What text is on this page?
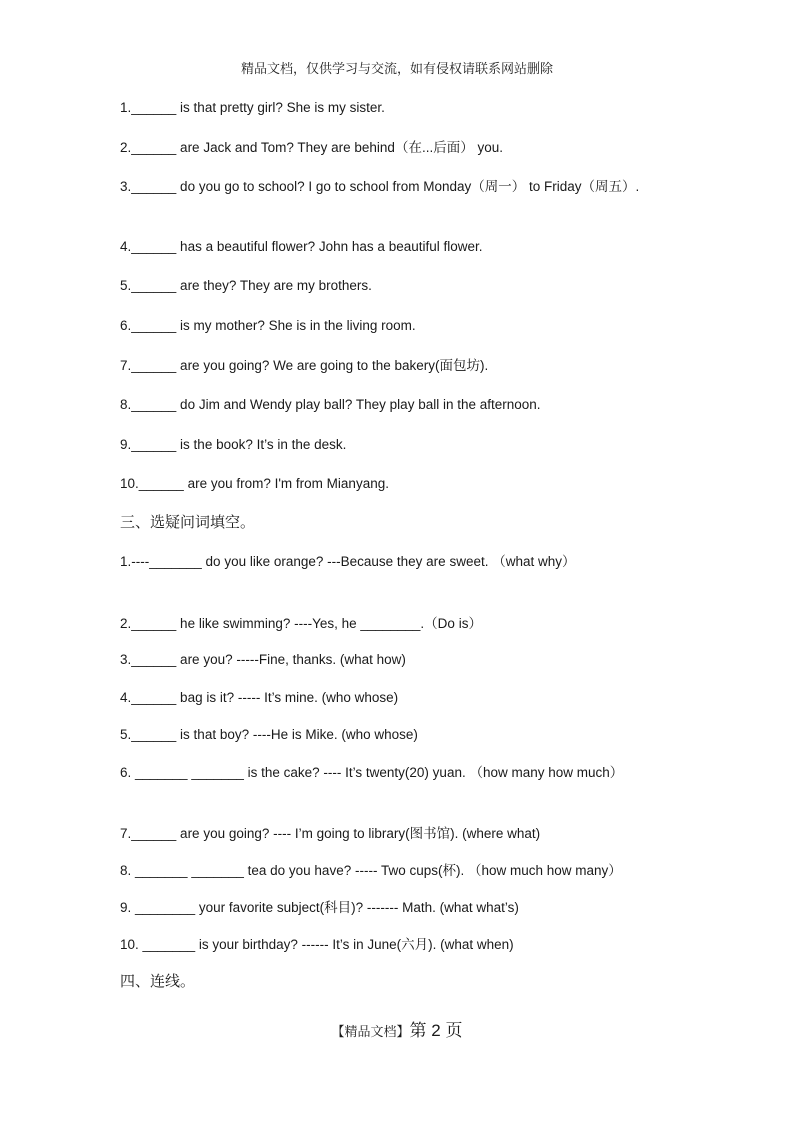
精品文档，仅供学习与交流，如有侵权请联系网站删除
1.______ is that pretty girl? She is my sister.
2.______ are Jack and Tom? They are behind（在...后面） you.
3.______ do you go to school? I go to school from Monday（周一） to Friday（周五）.
4.______ has a beautiful flower? John has a beautiful flower.
5.______ are they? They are my brothers.
6.______ is my mother? She is in the living room.
7.______ are you going? We are going to the bakery(面包坊).
8.______ do Jim and Wendy play ball? They play ball in the afternoon.
9.______ is the book? It’s in the desk.
10.______ are you from? I'm from Mianyang.
三、选疑问词填空。
1.----_______ do you like orange? ---Because they are sweet. （what why）
2.______ he like swimming? ----Yes, he ________.（Do is）
3.______ are you? -----Fine, thanks. (what how)
4.______ bag is it? ----- It’s mine. (who whose)
5.______ is that boy? ----He is Mike. (who whose)
6. _______ _______ is the cake? ---- It’s twenty(20) yuan. （how many how much）
7.______ are you going? ---- I’m going to library(图书馆). (where what)
8. _______ _______ tea do you have? ----- Two cups(杯). （how much how many）
9. ________ your favorite subject(科目)? ------- Math. (what what’s)
10. _______ is your birthday? ------ It’s in June(六月). (what when)
四、连线。
【精品文档】第 2 页
